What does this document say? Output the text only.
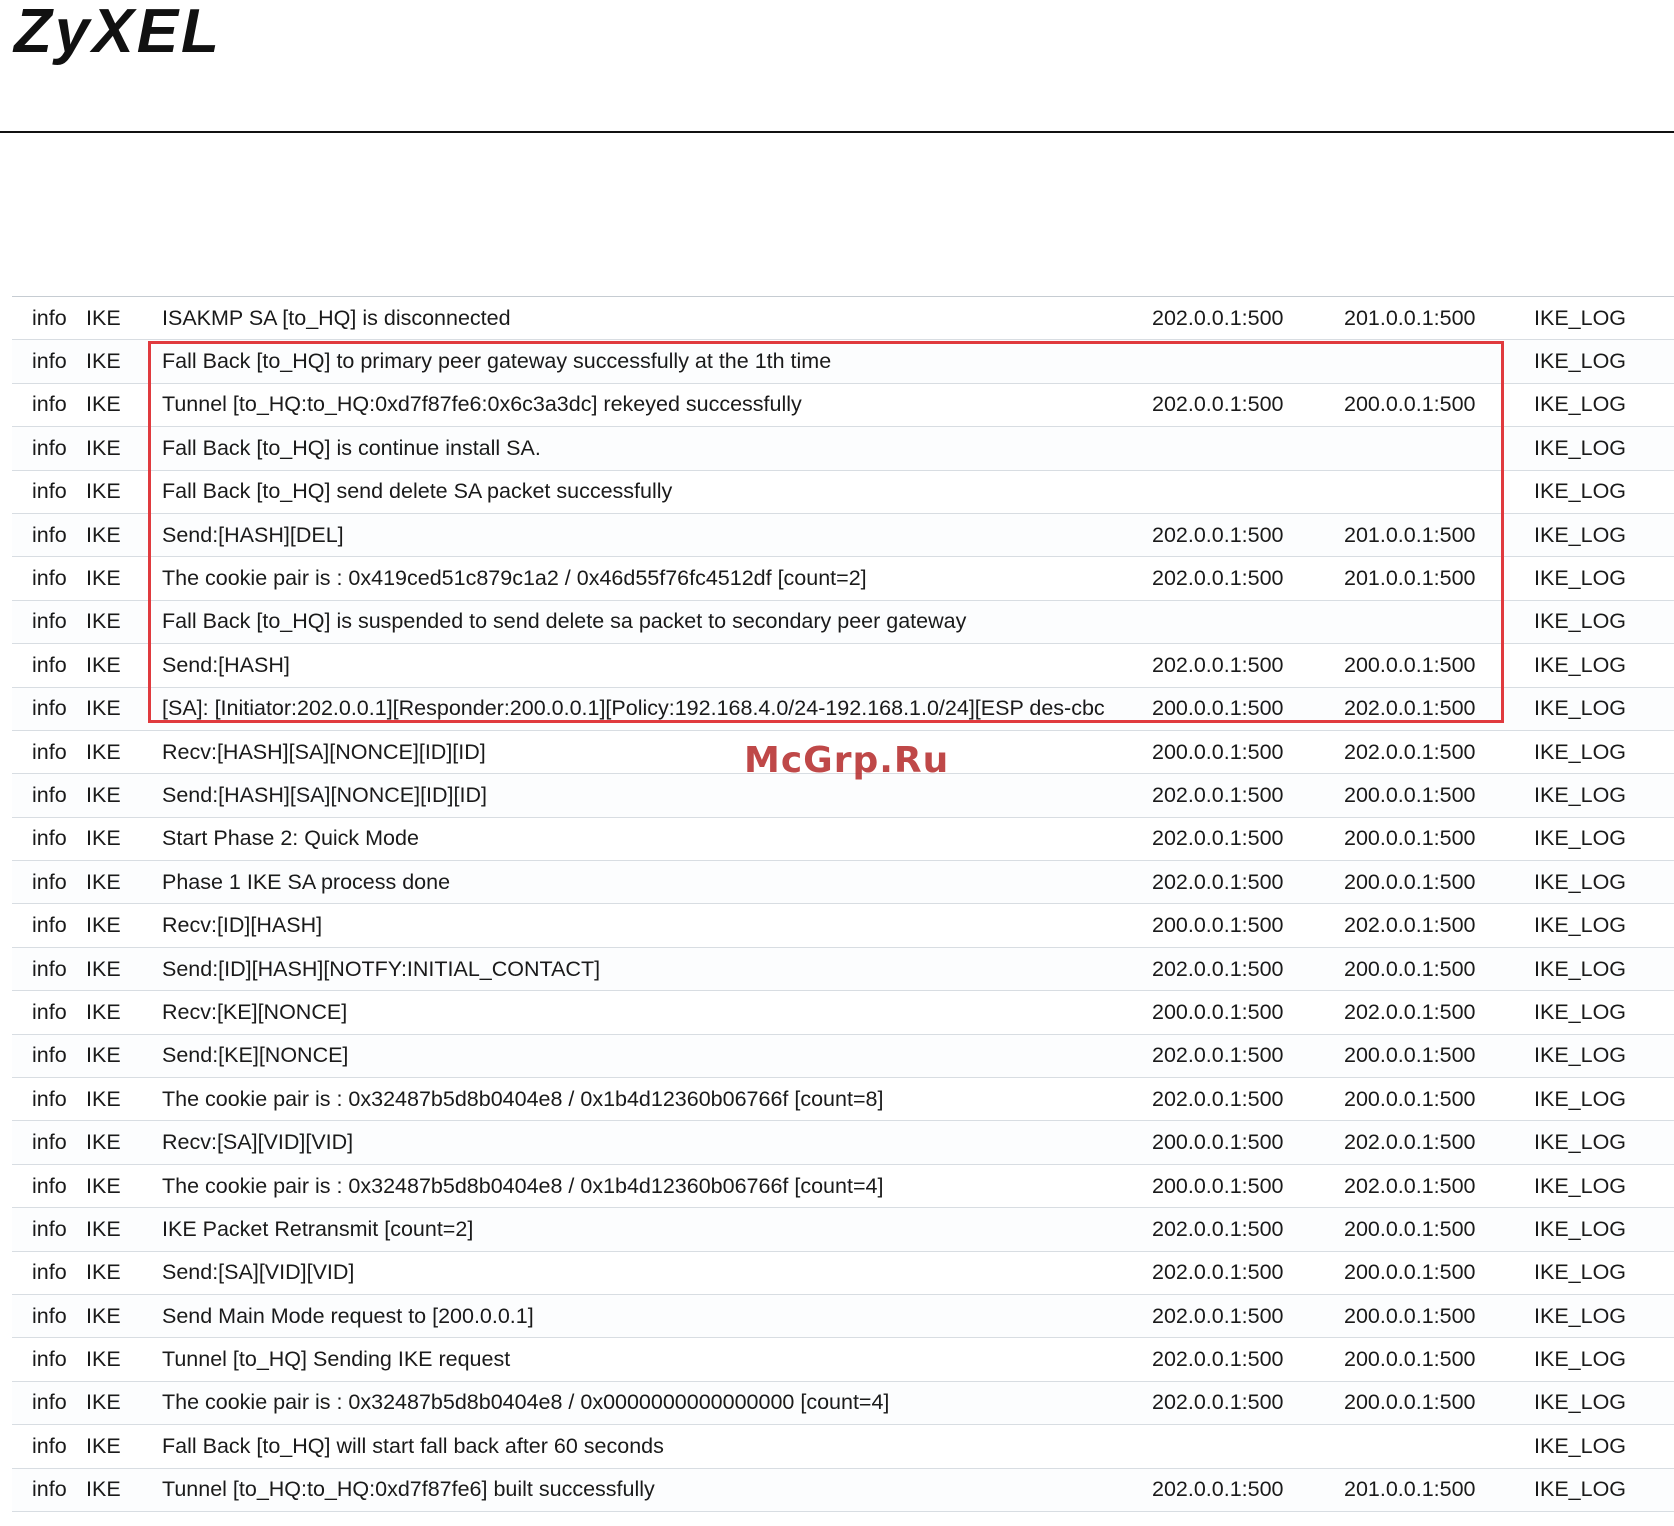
ZyXEL
info	IKE	ISAKMP SA [to_HQ] is disconnected	202.0.0.1:500	201.0.0.1:500	IKE_LOG
info	IKE	Fall Back [to_HQ] to primary peer gateway successfully at the 1th time			IKE_LOG
info	IKE	Tunnel [to_HQ:to_HQ:0xd7f87fe6:0x6c3a3dc] rekeyed successfully	202.0.0.1:500	200.0.0.1:500	IKE_LOG
info	IKE	Fall Back [to_HQ] is continue install SA.			IKE_LOG
info	IKE	Fall Back [to_HQ] send delete SA packet successfully			IKE_LOG
info	IKE	Send:[HASH][DEL]	202.0.0.1:500	201.0.0.1:500	IKE_LOG
info	IKE	The cookie pair is : 0x419ced51c879c1a2 / 0x46d55f76fc4512df [count=2]	202.0.0.1:500	201.0.0.1:500	IKE_LOG
info	IKE	Fall Back [to_HQ] is suspended to send delete sa packet to secondary peer gateway			IKE_LOG
info	IKE	Send:[HASH]	202.0.0.1:500	200.0.0.1:500	IKE_LOG
info	IKE	[SA]: [Initiator:202.0.0.1][Responder:200.0.0.1][Policy:192.168.4.0/24-192.168.1.0/24][ESP des-cbc	200.0.0.1:500	202.0.0.1:500	IKE_LOG
info	IKE	Recv:[HASH][SA][NONCE][ID][ID]	200.0.0.1:500	202.0.0.1:500	IKE_LOG
info	IKE	Send:[HASH][SA][NONCE][ID][ID]	202.0.0.1:500	200.0.0.1:500	IKE_LOG
info	IKE	Start Phase 2: Quick Mode	202.0.0.1:500	200.0.0.1:500	IKE_LOG
info	IKE	Phase 1 IKE SA process done	202.0.0.1:500	200.0.0.1:500	IKE_LOG
info	IKE	Recv:[ID][HASH]	200.0.0.1:500	202.0.0.1:500	IKE_LOG
info	IKE	Send:[ID][HASH][NOTFY:INITIAL_CONTACT]	202.0.0.1:500	200.0.0.1:500	IKE_LOG
info	IKE	Recv:[KE][NONCE]	200.0.0.1:500	202.0.0.1:500	IKE_LOG
info	IKE	Send:[KE][NONCE]	202.0.0.1:500	200.0.0.1:500	IKE_LOG
info	IKE	The cookie pair is : 0x32487b5d8b0404e8 / 0x1b4d12360b06766f [count=8]	202.0.0.1:500	200.0.0.1:500	IKE_LOG
info	IKE	Recv:[SA][VID][VID]	200.0.0.1:500	202.0.0.1:500	IKE_LOG
info	IKE	The cookie pair is : 0x32487b5d8b0404e8 / 0x1b4d12360b06766f [count=4]	200.0.0.1:500	202.0.0.1:500	IKE_LOG
info	IKE	IKE Packet Retransmit [count=2]	202.0.0.1:500	200.0.0.1:500	IKE_LOG
info	IKE	Send:[SA][VID][VID]	202.0.0.1:500	200.0.0.1:500	IKE_LOG
info	IKE	Send Main Mode request to [200.0.0.1]	202.0.0.1:500	200.0.0.1:500	IKE_LOG
info	IKE	Tunnel [to_HQ] Sending IKE request	202.0.0.1:500	200.0.0.1:500	IKE_LOG
info	IKE	The cookie pair is : 0x32487b5d8b0404e8 / 0x0000000000000000 [count=4]	202.0.0.1:500	200.0.0.1:500	IKE_LOG
info	IKE	Fall Back [to_HQ] will start fall back after 60 seconds			IKE_LOG
info	IKE	Tunnel [to_HQ:to_HQ:0xd7f87fe6] built successfully	202.0.0.1:500	201.0.0.1:500	IKE_LOG
McGrp.Ru
